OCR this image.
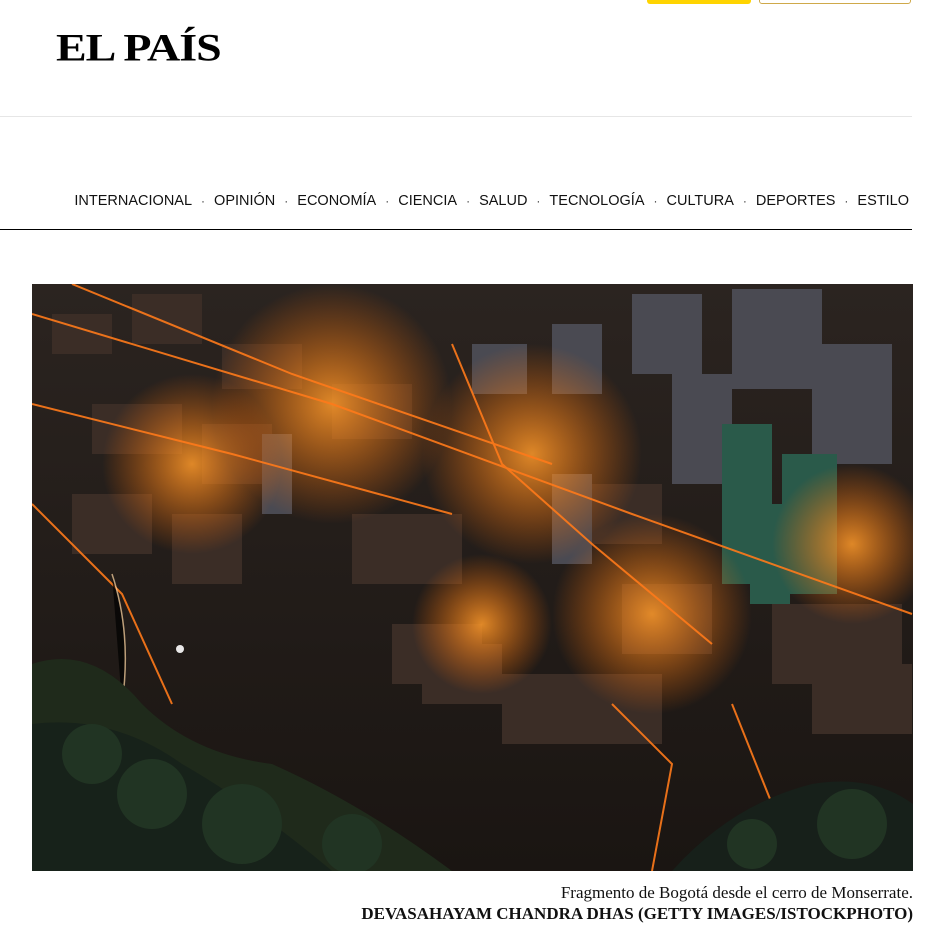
EL PAÍS
INTERNACIONAL · OPINIÓN · ECONOMÍA · CIENCIA · SALUD · TECNOLOGÍA · CULTURA · DEPORTES · ESTILO
Fragmento de Bogotá desde el cerro de Monserrate.
DEVASAHAYAM CHANDRA DHAS (GETTY IMAGES/ISTOCKPHOTO)
